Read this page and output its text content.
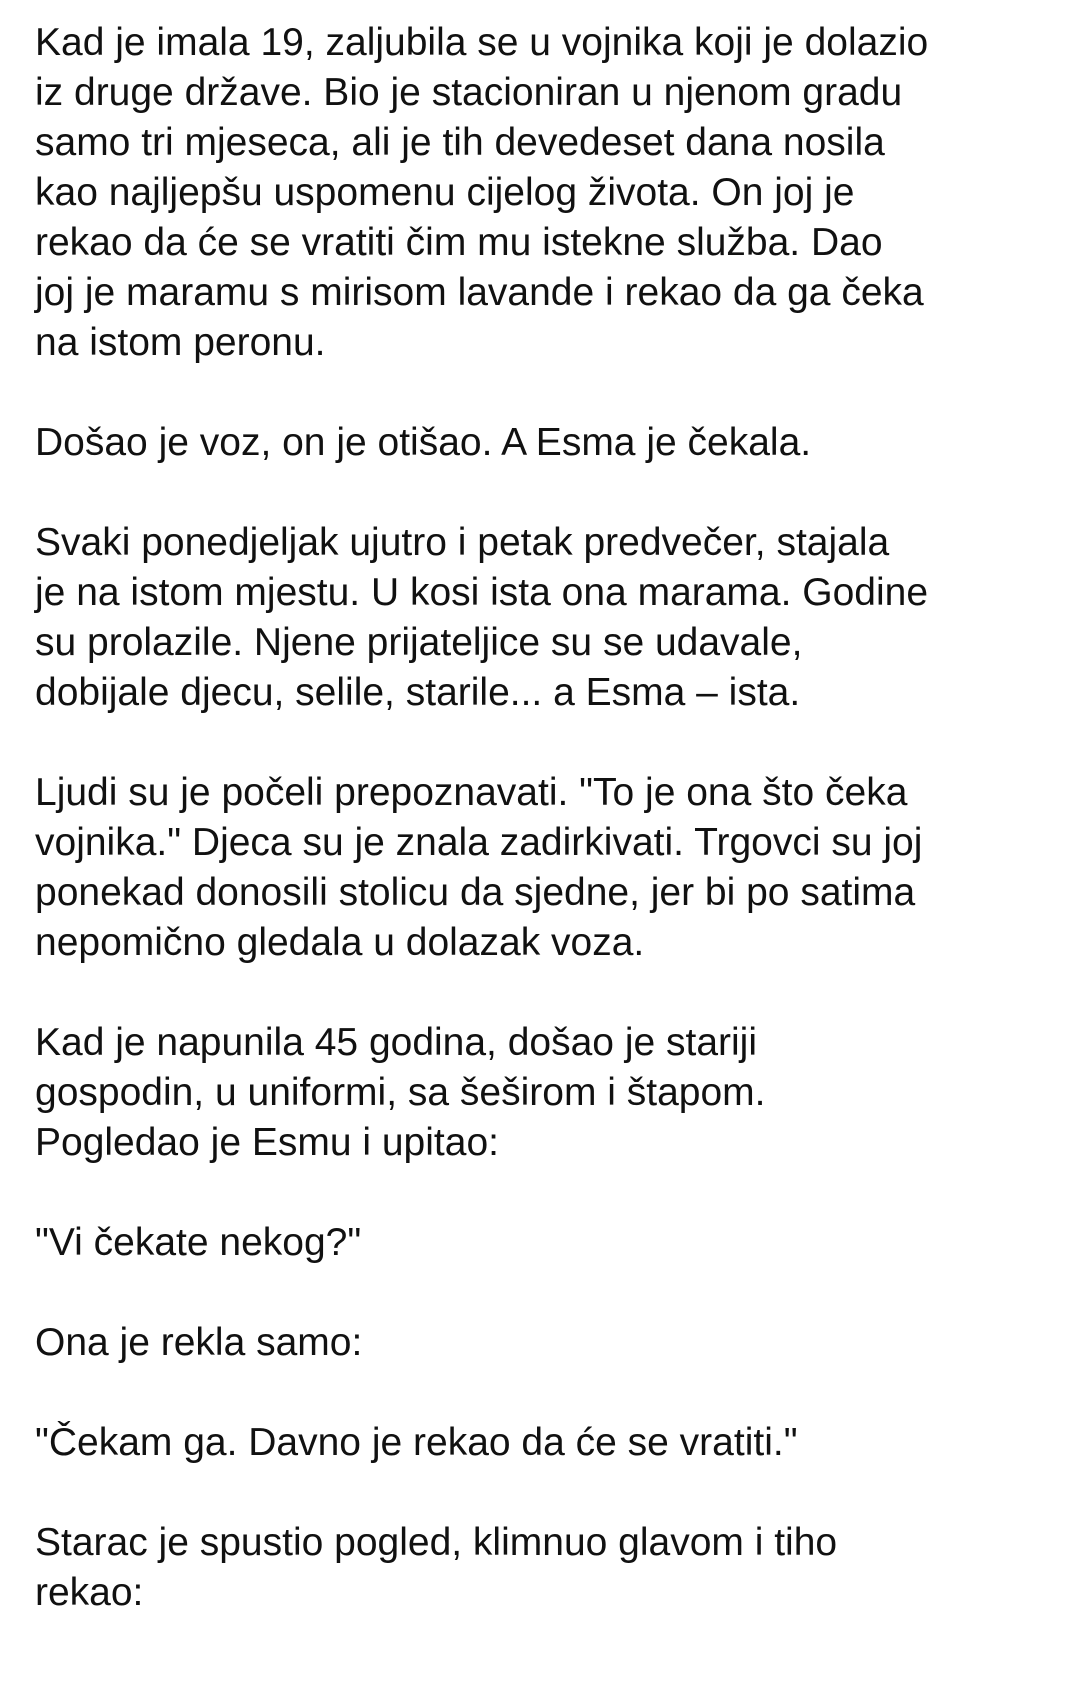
Kad je imala 19, zaljubila se u vojnika koji je dolazio
iz druge države. Bio je stacioniran u njenom gradu
samo tri mjeseca, ali je tih devedeset dana nosila
kao najljepšu uspomenu cijelog života. On joj je
rekao da će se vratiti čim mu istekne služba. Dao
joj je maramu s mirisom lavande i rekao da ga čeka
na istom peronu.

Došao je voz, on je otišao. A Esma je čekala.

Svaki ponedjeljak ujutro i petak predvečer, stajala
je na istom mjestu. U kosi ista ona marama. Godine
su prolazile. Njene prijateljice su se udavale,
dobijale djecu, selile, starile... a Esma – ista.

Ljudi su je počeli prepoznavati. "To je ona što čeka
vojnika." Djeca su je znala zadirkivati. Trgovci su joj
ponekad donosili stolicu da sjedne, jer bi po satima
nepomično gledala u dolazak voza.

Kad je napunila 45 godina, došao je stariji
gospodin, u uniformi, sa šeširom i štapom.
Pogledao je Esmu i upitao:

"Vi čekate nekog?"

Ona je rekla samo:

"Čekam ga. Davno je rekao da će se vratiti."

Starac je spustio pogled, klimnuo glavom i tiho
rekao:
